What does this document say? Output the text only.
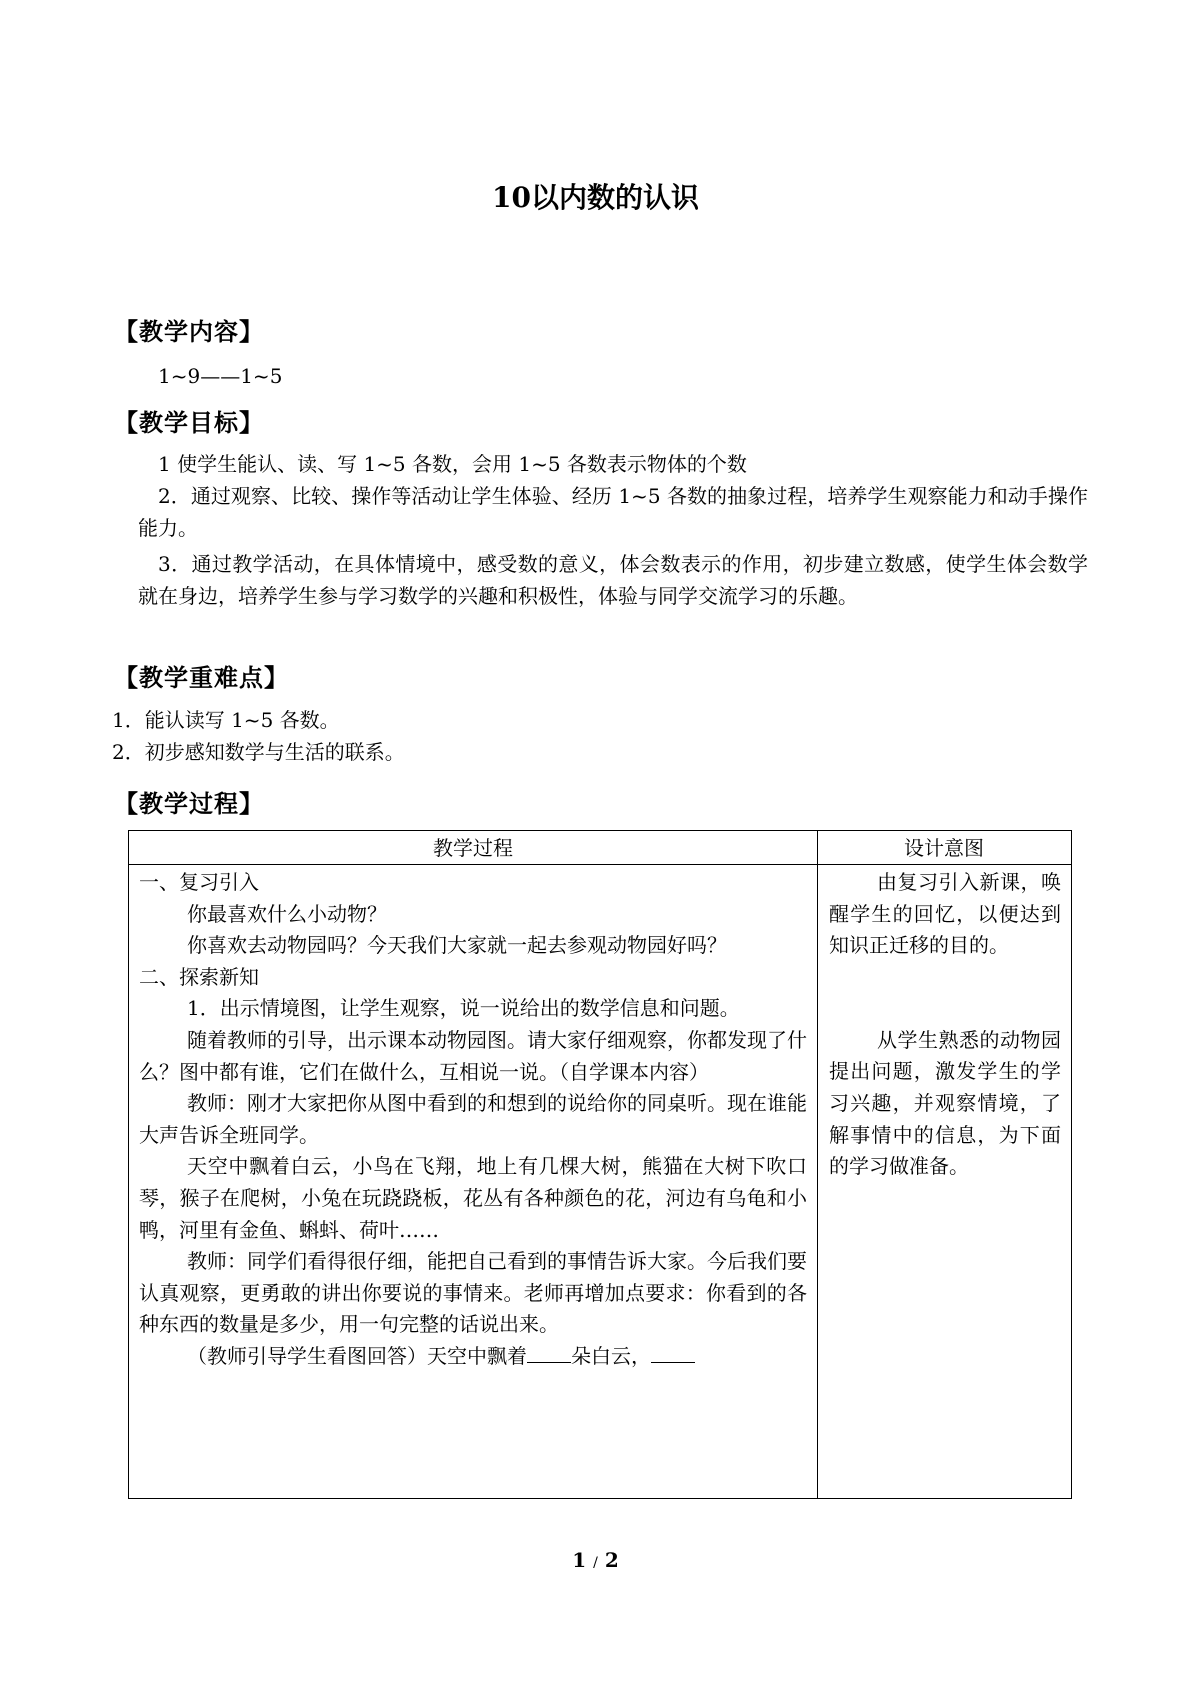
10以内数的认识
【教学内容】
1~9——1~5
【教学目标】
1 使学生能认、读、写 1~5 各数，会用 1~5 各数表示物体的个数
2．通过观察、比较、操作等活动让学生体验、经历 1~5 各数的抽象过程，培养学生观察能力和动手操作能力。
3．通过教学活动，在具体情境中，感受数的意义，体会数表示的作用，初步建立数感，使学生体会数学就在身边，培养学生参与学习数学的兴趣和积极性，体验与同学交流学习的乐趣。
【教学重难点】
1．能认读写 1~5 各数。
2．初步感知数学与生活的联系。
【教学过程】
教学过程	设计意图
一、复习引入
你最喜欢什么小动物？
你喜欢去动物园吗？今天我们大家就一起去参观动物园好吗？
二、探索新知
1．出示情境图，让学生观察，说一说给出的数学信息和问题。
随着教师的引导，出示课本动物园图。请大家仔细观察，你都发现了什么？图中都有谁，它们在做什么，互相说一说。（自学课本内容）
教师：刚才大家把你从图中看到的和想到的说给你的同桌听。现在谁能大声告诉全班同学。
天空中飘着白云，小鸟在飞翔，地上有几棵大树，熊猫在大树下吹口琴，猴子在爬树，小兔在玩跷跷板，花丛有各种颜色的花，河边有乌龟和小鸭，河里有金鱼、蝌蚪、荷叶……
教师：同学们看得很仔细，能把自己看到的事情告诉大家。今后我们要认真观察，更勇敢的讲出你要说的事情来。老师再增加点要求：你看到的各种东西的数量是多少，用一句完整的话说出来。
（教师引导学生看图回答）天空中飘着 朵白云，
由复习引入新课，唤醒学生的回忆，以便达到知识正迁移的目的。
从学生熟悉的动物园提出问题，激发学生的学习兴趣，并观察情境，了解事情中的信息，为下面的学习做准备。
1 / 2
